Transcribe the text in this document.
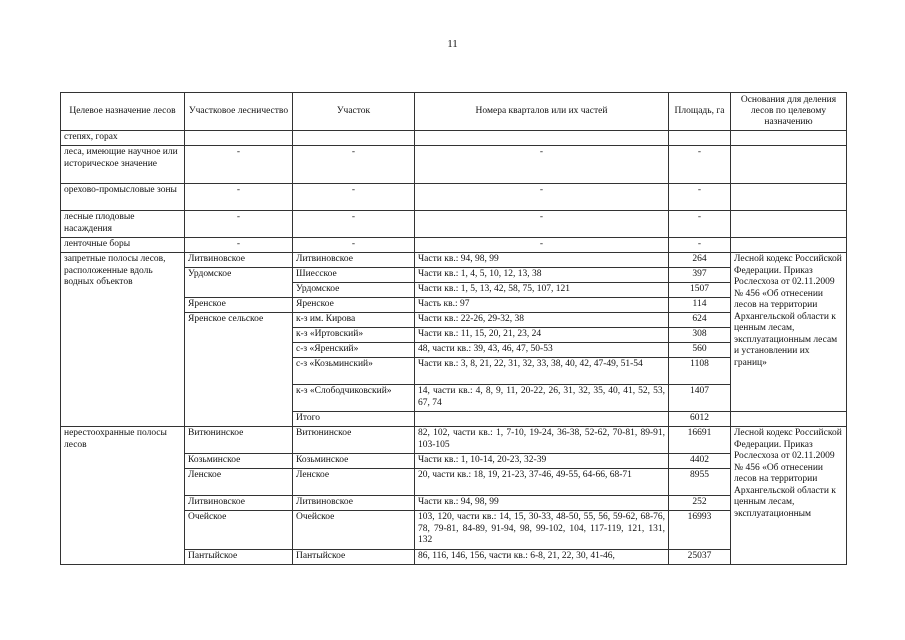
11
Целевое назначение лесов	Участковое лесничество	Участок	Номера кварталов или их частей	Площадь, га	Основания для деления лесов по целевому назначению
степях, горах					
леса, имеющие научное или историческое значение	-	-	-	-	
орехово-промысловые зоны	-	-	-	-	
лесные плодовые насаждения	-	-	-	-	
ленточные боры	-	-	-	-	
запретные полосы лесов, расположенные вдоль водных объектов	Литвиновское	Литвиновское	Части кв.: 94, 98, 99	264	Лесной кодекс Российской Федерации. Приказ Рослесхоза от 02.11.2009 № 456 «Об отнесении лесов на территории Архангельской области к ценным лесам, эксплуатационным лесам и установлении их границ»
	Урдомское	Шиесское	Части кв.: 1, 4, 5, 10, 12, 13, 38	397	
		Урдомское	Части кв.: 1, 5, 13, 42, 58, 75, 107, 121	1507	
	Яренское	Яренское	Часть кв.: 97	114	
	Яренское сельское	к-з им. Кирова	Части кв.: 22-26, 29-32, 38	624	
		к-з «Иртовский»	Части кв.: 11, 15, 20, 21, 23, 24	308	
		с-з «Яренский»	48, части кв.: 39, 43, 46, 47, 50-53	560	
		с-з «Козьминский»	Части кв.: 3, 8, 21, 22, 31, 32, 33, 38, 40, 42, 47-49, 51-54	1108	
		к-з «Слободчиковский»	14, части кв.: 4, 8, 9, 11, 20-22, 26, 31, 32, 35, 40, 41, 52, 53, 67, 74	1407	
		Итого		6012	
нерестоохранные полосы лесов	Витюнинское	Витюнинское	82, 102, части кв.: 1, 7-10, 19-24, 36-38, 52-62, 70-81, 89-91, 103-105	16691	Лесной кодекс Российской Федерации. Приказ Рослесхоза от 02.11.2009 № 456 «Об отнесении лесов на территории Архангельской области к ценным лесам, эксплуатационным
	Козьминское	Козьминское	Части кв.: 1, 10-14, 20-23, 32-39	4402	
	Ленское	Ленское	20, части кв.: 18, 19, 21-23, 37-46, 49-55, 64-66, 68-71	8955	
	Литвиновское	Литвиновское	Части кв.: 94, 98, 99	252	
	Очейское	Очейское	103, 120, части кв.: 14, 15, 30-33, 48-50, 55, 56, 59-62, 68-76, 78, 79-81, 84-89, 91-94, 98, 99-102, 104, 117-119, 121, 131, 132	16993	
	Пантыйское	Пантыйское	86, 116, 146, 156, части кв.: 6-8, 21, 22, 30, 41-46,	25037	
